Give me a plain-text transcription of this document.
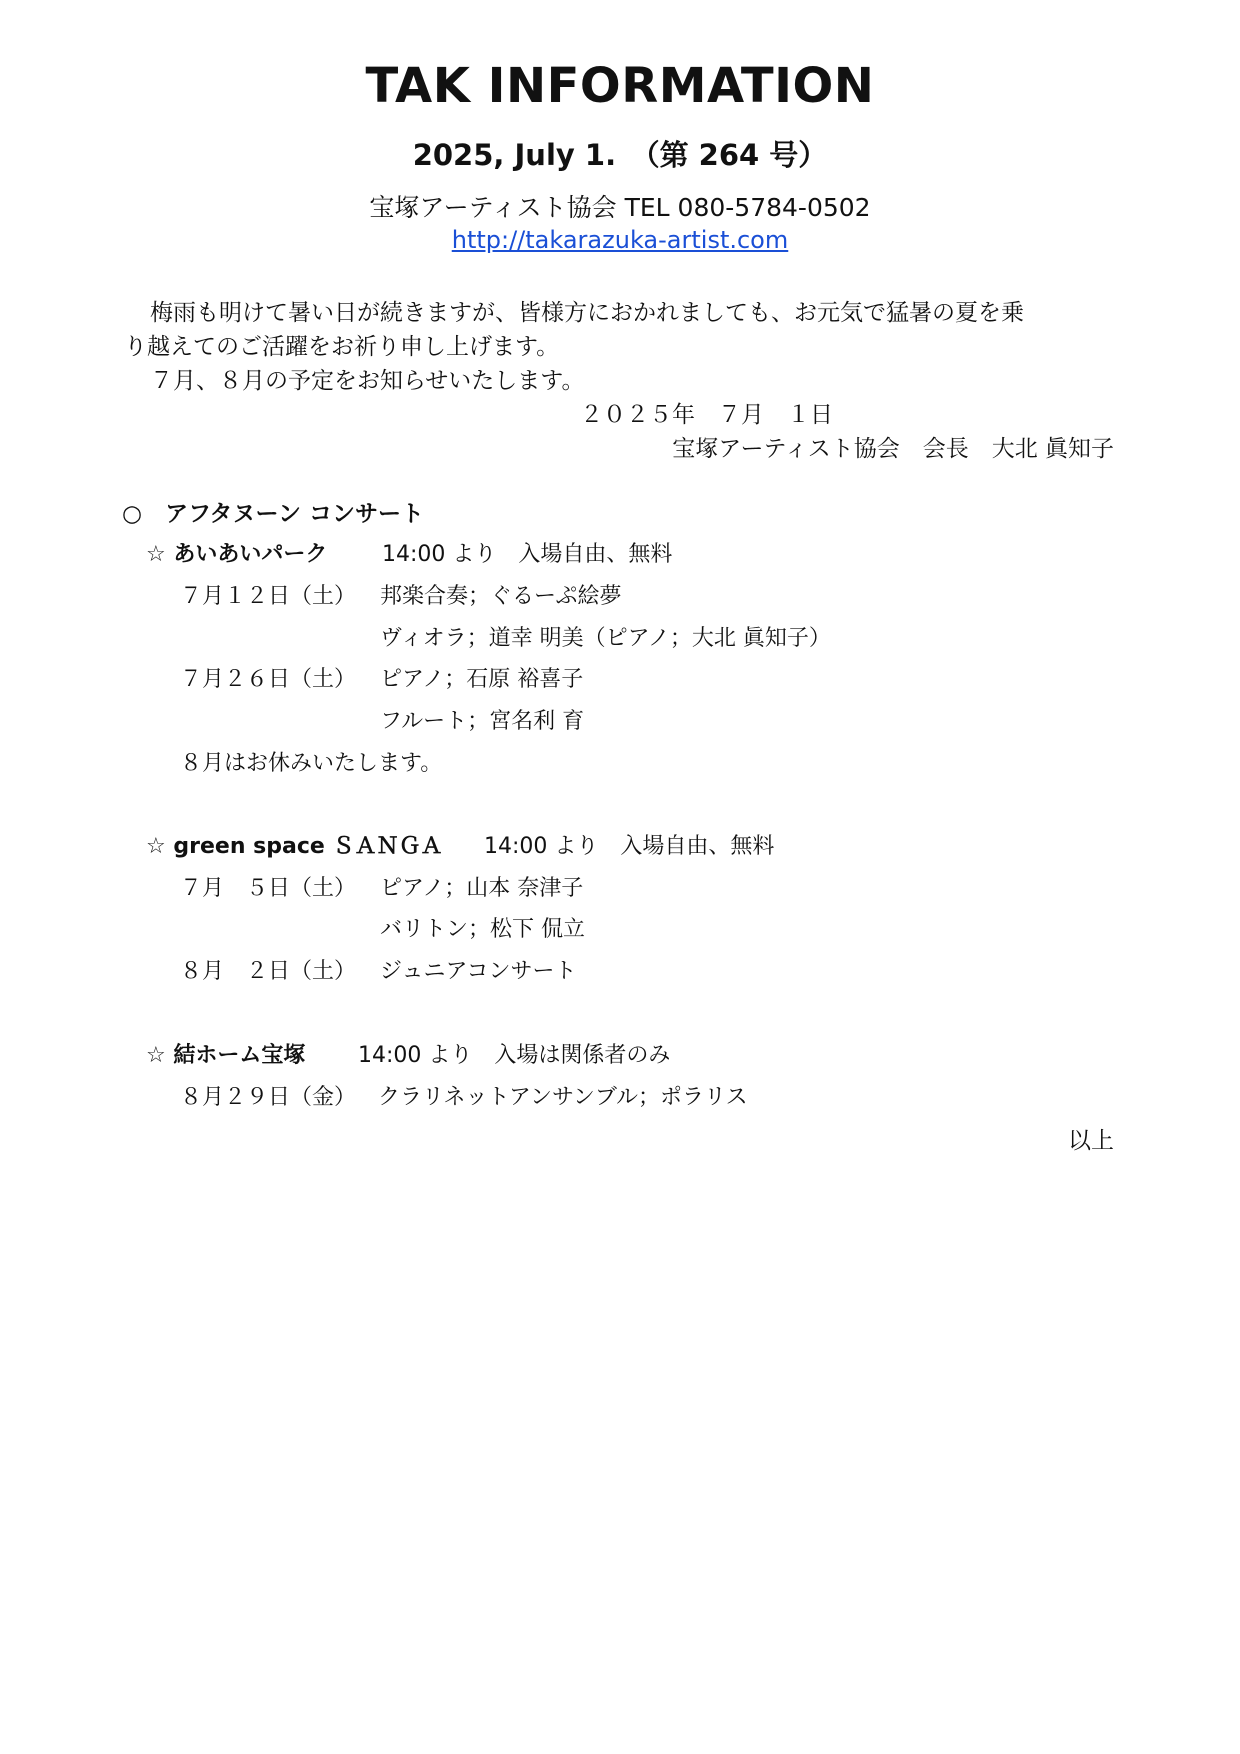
TAK INFORMATION
2025, July 1.　（第 264 号）
宝塚アーティスト協会 TEL 080-5784-0502
http://takarazuka-artist.com
梅雨も明けて暑い日が続きますが、皆様方におかれましても、お元気で猛暑の夏を乗
り越えてのご活躍をお祈り申し上げます。
７月、８月の予定をお知らせいたします。
２０２５年　７月　１日
宝塚アーティスト協会　会長　大北 眞知子
○　アフタヌーン コンサート
☆ あいあいパーク 14:00 より　入場自由、無料
７月１２日（土） 邦楽合奏；ぐるーぷ絵夢
ヴィオラ；道幸 明美（ピアノ；大北 眞知子）
７月２６日（土） ピアノ；石原 裕喜子
フルート；宮名利 育
８月はお休みいたします。
☆ green space ＳＡＮＧＡ 14:00 より　入場自由、無料
７月　５日（土） ピアノ；山本 奈津子
バリトン；松下 侃立
８月　２日（土） ジュニアコンサート
☆ 結ホーム宝塚 14:00 より　入場は関係者のみ
８月２９日（金） クラリネットアンサンブル；ポラリス
以上
